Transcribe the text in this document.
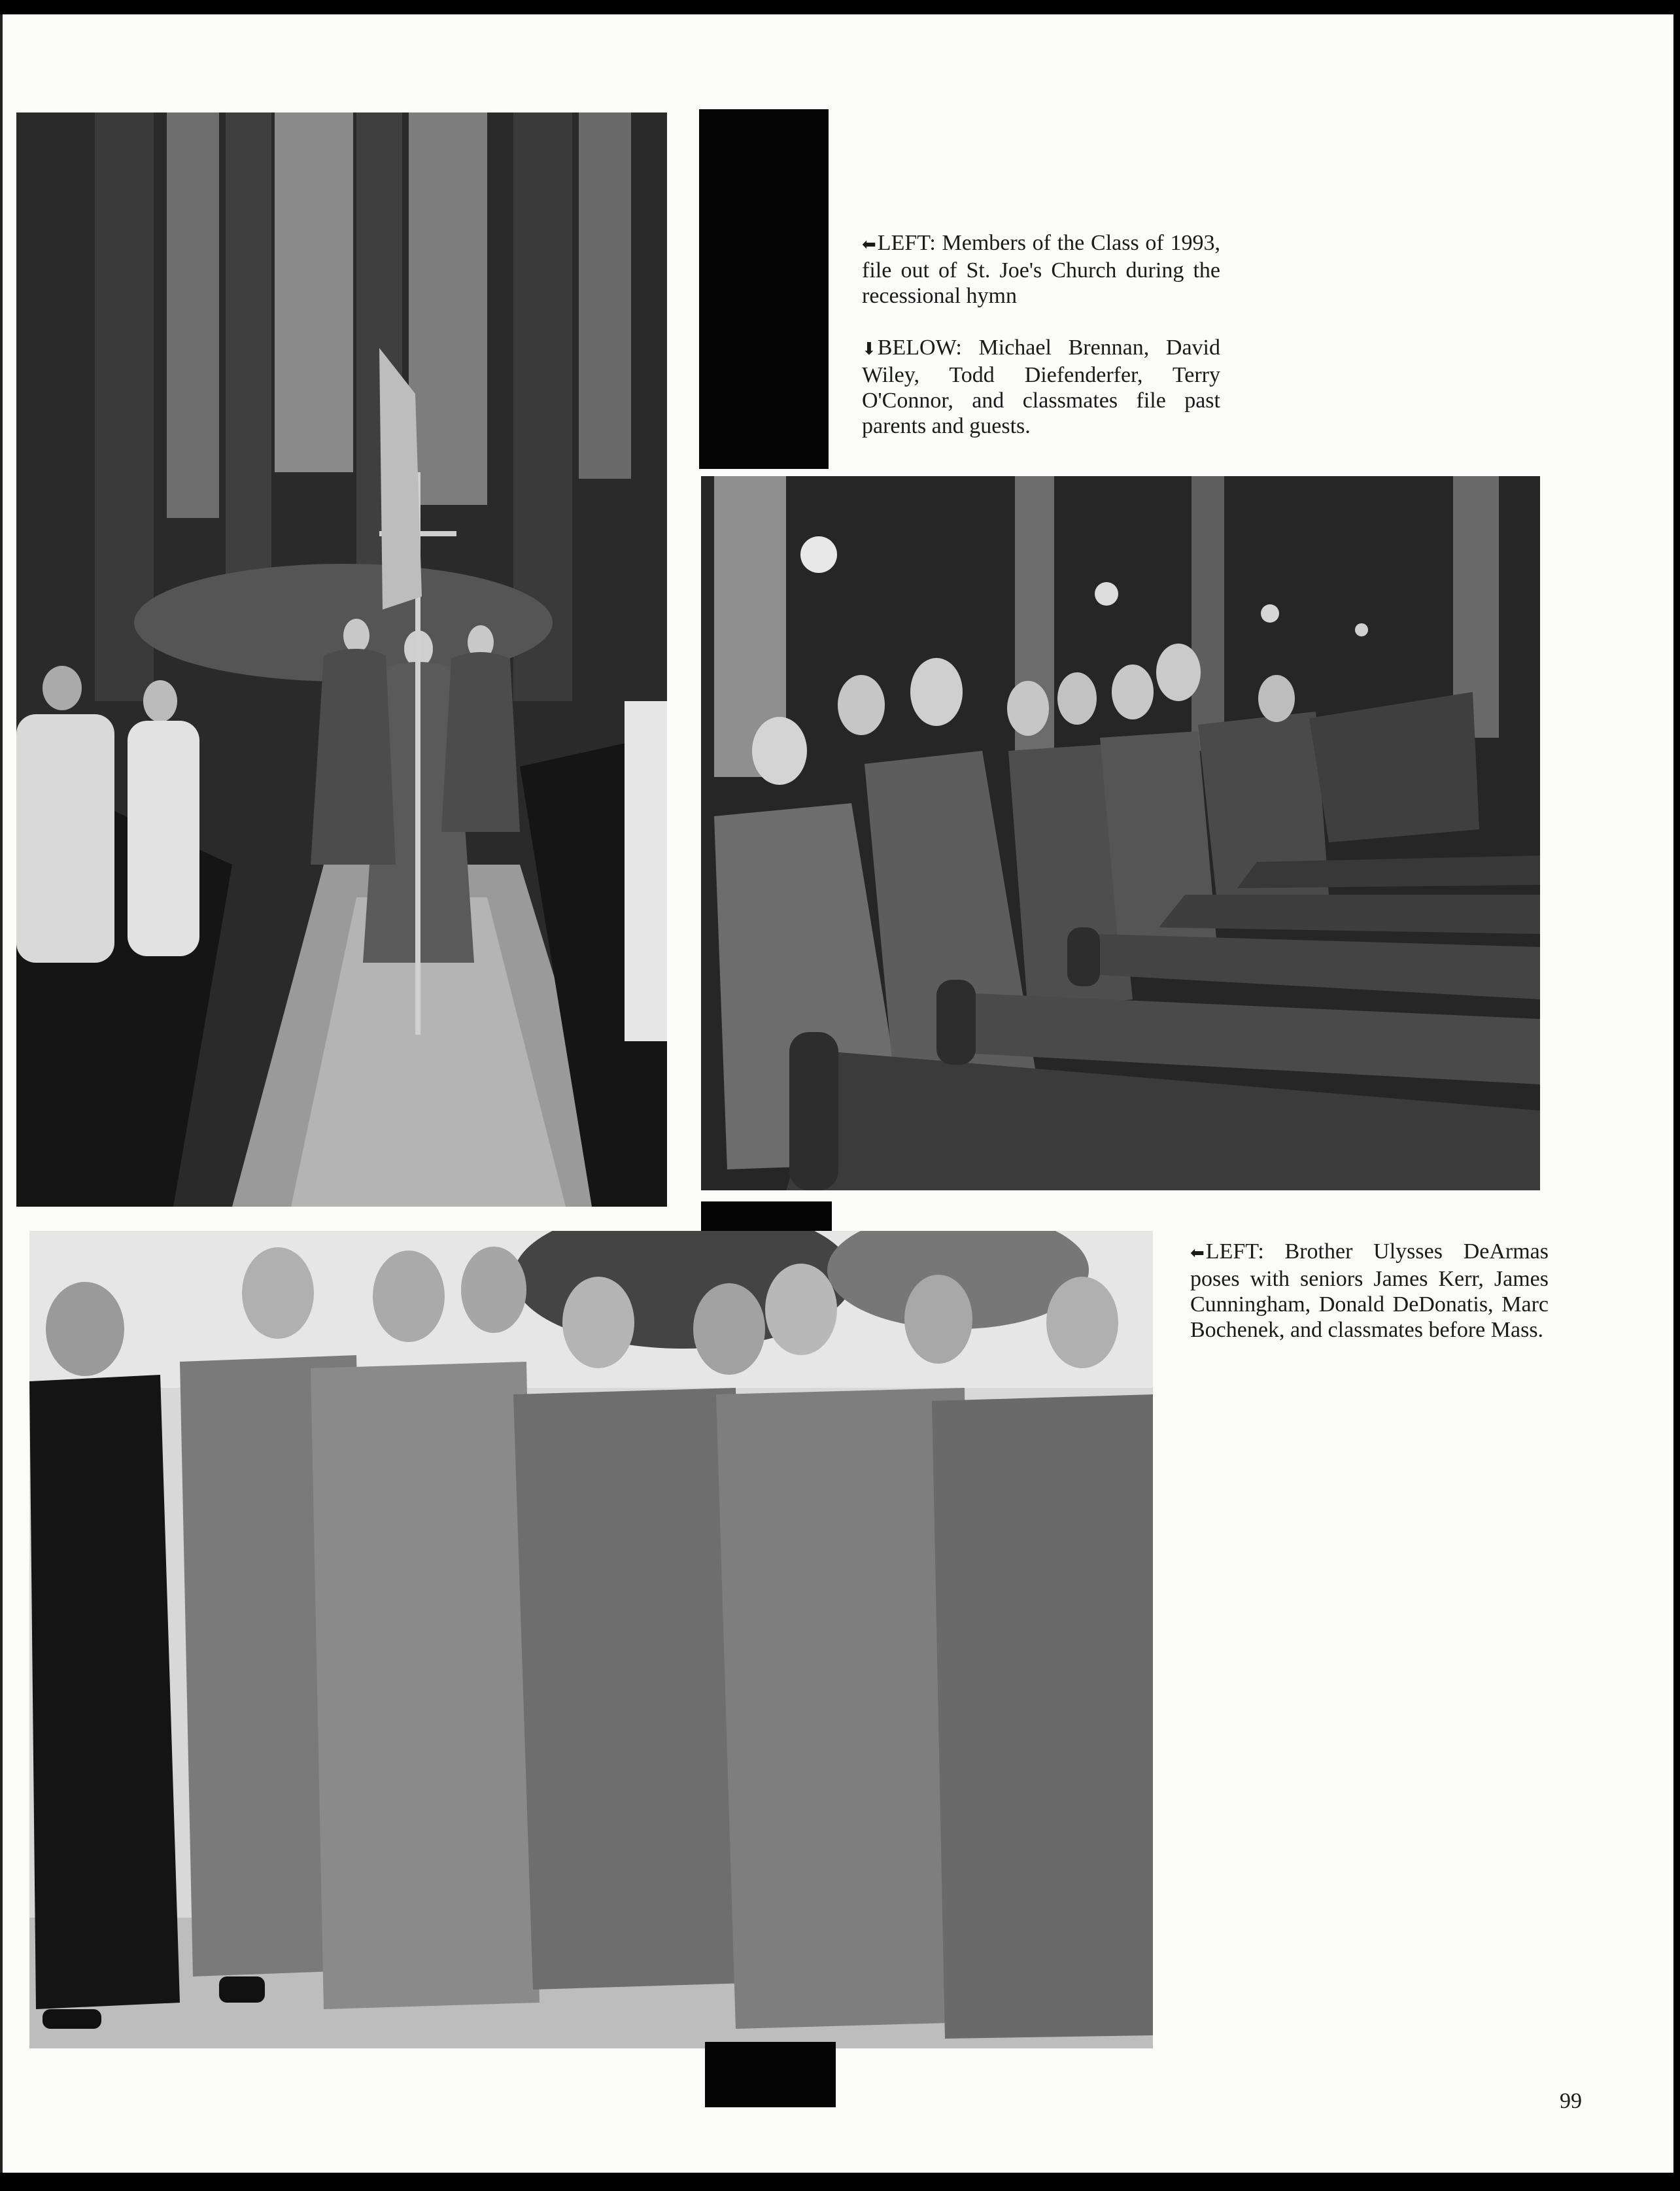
⬅LEFT: Members of the Class of 1993, file out of St. Joe's Church during the recessional hymn

⬇BELOW: Michael Brennan, David Wiley, Todd Diefenderfer, Terry O'Connor, and classmates file past parents and guests.

⬅LEFT: Brother Ulysses DeArmas poses with seniors James Kerr, James Cunningham, Donald DeDonatis, Marc Bochenek, and classmates before Mass.

99
